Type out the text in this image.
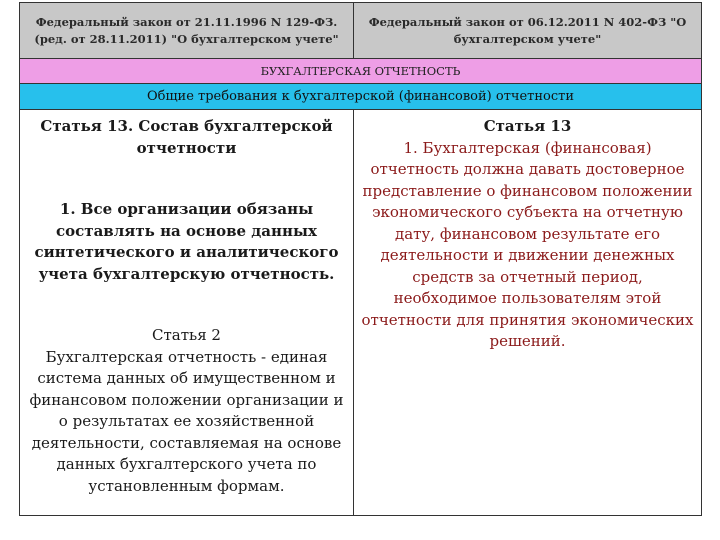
Федеральный закон от 21.11.1996 N 129-ФЗ. (ред. от 28.11.2011) "О бухгалтерском учете"
Федеральный закон от 06.12.2011 N 402-ФЗ "О бухгалтерском учете"
БУХГАЛТЕРСКАЯ ОТЧЕТНОСТЬ
Общие требования к бухгалтерской (финансовой) отчетности
Статья 13. Состав бухгалтерской отчетности
1. Все организации обязаны составлять на основе данных синтетического и аналитического учета бухгалтерскую отчетность.
Статья 2
Бухгалтерская отчетность - единая система данных об имущественном и финансовом положении организации и о результатах ее хозяйственной деятельности, составляемая на основе данных бухгалтерского учета по установленным формам.
Статья 13
1. Бухгалтерская (финансовая) отчетность должна давать достоверное представление о финансовом положении экономического субъекта на отчетную дату, финансовом результате его деятельности и движении денежных средств за отчетный период, необходимое пользователям этой отчетности для принятия экономических решений.
